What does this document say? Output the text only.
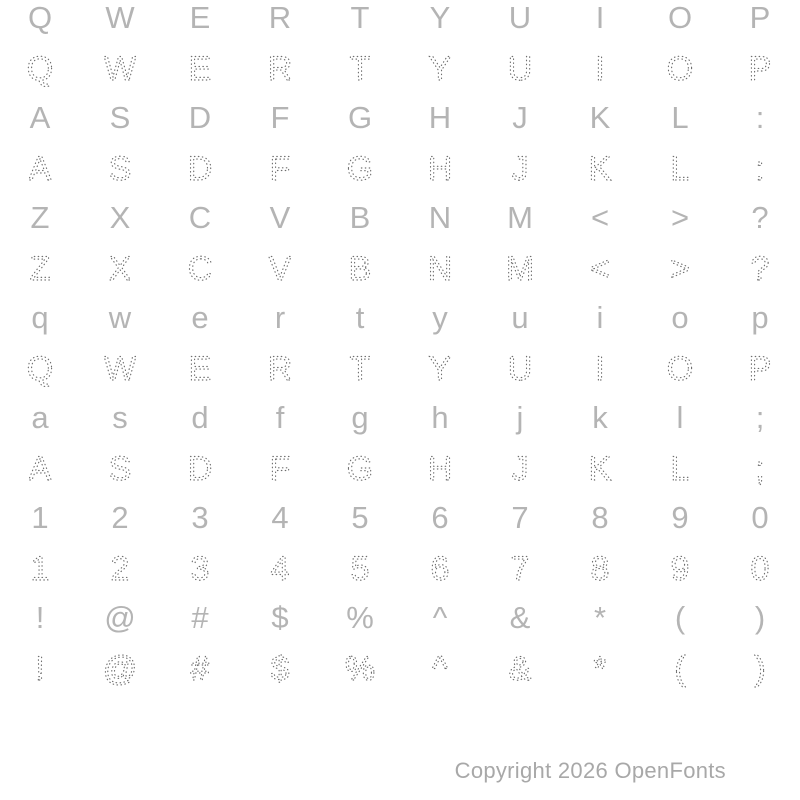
Q W E R T Y U I O P
Q W E R T Y U I O P
A S D F G H J K L :
A S D F G H J K L :
Z X C V B N M < > ?
Z X C V B N M < > ?
q w e r t y u i o p
Q W E R T Y U I O P
a s d f g h j k l ;
A S D F G H J K L ;
1 2 3 4 5 6 7 8 9 0
1 2 3 4 5 6 7 8 9 0
! @ # $ % ^ & * ( )
! @ # $ % ^ & * ( )
Copyright 2026 OpenFonts
